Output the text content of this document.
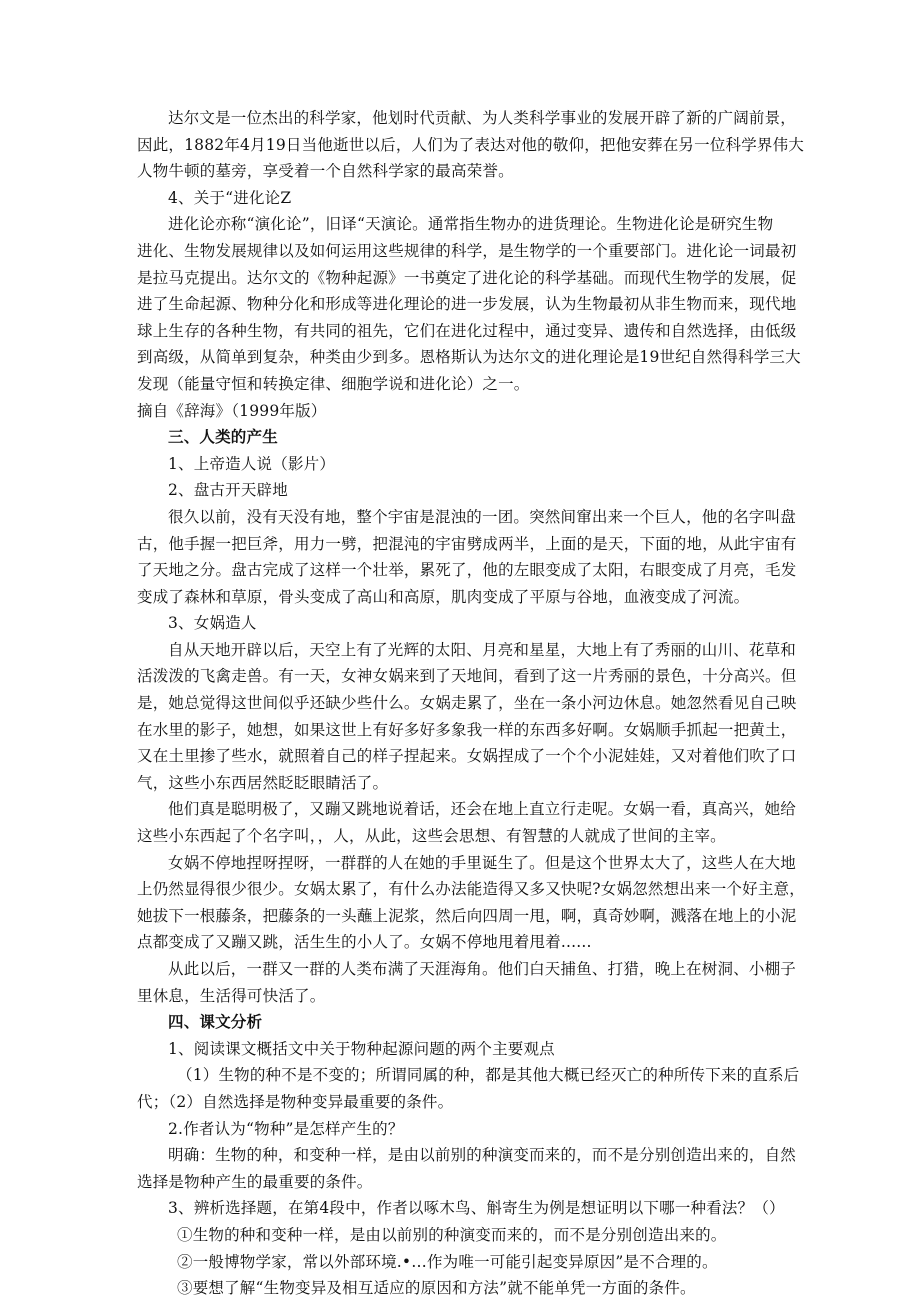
达尔文是一位杰出的科学家，他划时代贡献、为人类科学事业的发展开辟了新的广阔前景，
因此，1882年4月19日当他逝世以后，人们为了表达对他的敬仰，把他安葬在另一位科学界伟大
人物牛顿的墓旁，享受着一个自然科学家的最高荣誉。
4、关于“进化论Z
进化论亦称“演化论”，旧译“天演论。通常指生物办的进货理论。生物进化论是研究生物
进化、生物发展规律以及如何运用这些规律的科学，是生物学的一个重要部门。进化论一词最初
是拉马克提出。达尔文的《物种起源》一书奠定了进化论的科学基础。而现代生物学的发展，促
进了生命起源、物种分化和形成等进化理论的进一步发展，认为生物最初从非生物而来，现代地
球上生存的各种生物，有共同的祖先，它们在进化过程中，通过变异、遗传和自然选择，由低级
到高级，从简单到复杂，种类由少到多。恩格斯认为达尔文的进化理论是19世纪自然得科学三大
发现（能量守恒和转换定律、细胞学说和进化论）之一。
摘自《辞海》（1999年版）
三、人类的产生
1、上帝造人说（影片）
2、盘古开天辟地
很久以前，没有天没有地，整个宇宙是混浊的一团。突然间窜出来一个巨人，他的名字叫盘
古，他手握一把巨斧，用力一劈，把混沌的宇宙劈成两半，上面的是天，下面的地，从此宇宙有
了天地之分。盘古完成了这样一个壮举，累死了，他的左眼变成了太阳，右眼变成了月亮，毛发
变成了森林和草原，骨头变成了高山和高原，肌肉变成了平原与谷地，血液变成了河流。
3、女娲造人
自从天地开辟以后，天空上有了光辉的太阳、月亮和星星，大地上有了秀丽的山川、花草和
活泼泼的飞禽走兽。有一天，女神女娲来到了天地间，看到了这一片秀丽的景色，十分高兴。但
是，她总觉得这世间似乎还缺少些什么。女娲走累了，坐在一条小河边休息。她忽然看见自己映
在水里的影子，她想，如果这世上有好多好多象我一样的东西多好啊。女娲顺手抓起一把黄土，
又在土里掺了些水，就照着自己的样子捏起来。女娲捏成了一个个小泥娃娃，又对着他们吹了口
气，这些小东西居然眨眨眼睛活了。
他们真是聪明极了，又蹦又跳地说着话，还会在地上直立行走呢。女娲一看，真高兴，她给
这些小东西起了个名字叫，，人，从此，这些会思想、有智慧的人就成了世间的主宰。
女娲不停地捏呀捏呀，一群群的人在她的手里诞生了。但是这个世界太大了，这些人在大地
上仍然显得很少很少。女娲太累了，有什么办法能造得又多又快呢?女娲忽然想出来一个好主意，
她拔下一根藤条，把藤条的一头蘸上泥浆，然后向四周一甩，啊，真奇妙啊，溅落在地上的小泥
点都变成了又蹦又跳，活生生的小人了。女娲不停地甩着甩着......
从此以后，一群又一群的人类布满了天涯海角。他们白天捕鱼、打猎，晚上在树洞、小棚子
里休息，生活得可快活了。
四、课文分析
1、阅读课文概括文中关于物种起源问题的两个主要观点
（1）生物的种不是不变的；所谓同属的种，都是其他大概已经灭亡的种所传下来的直系后
代；（2）自然选择是物种变异最重要的条件。
2.作者认为“物种”是怎样产生的？
明确：生物的种，和变种一样，是由以前别的种演变而来的，而不是分别创造出来的，自然
选择是物种产生的最重要的条件。
3、辨析选择题，在第4段中，作者以啄木鸟、斛寄生为例是想证明以下哪一种看法？（）
①生物的种和变种一样，是由以前别的种演变而来的，而不是分别创造出来的。
②一般博物学家，常以外部环境.•…作为唯一可能引起变异原因”是不合理的。
③要想了解“生物变异及相互适应的原因和方法”就不能单凭一方面的条件。
